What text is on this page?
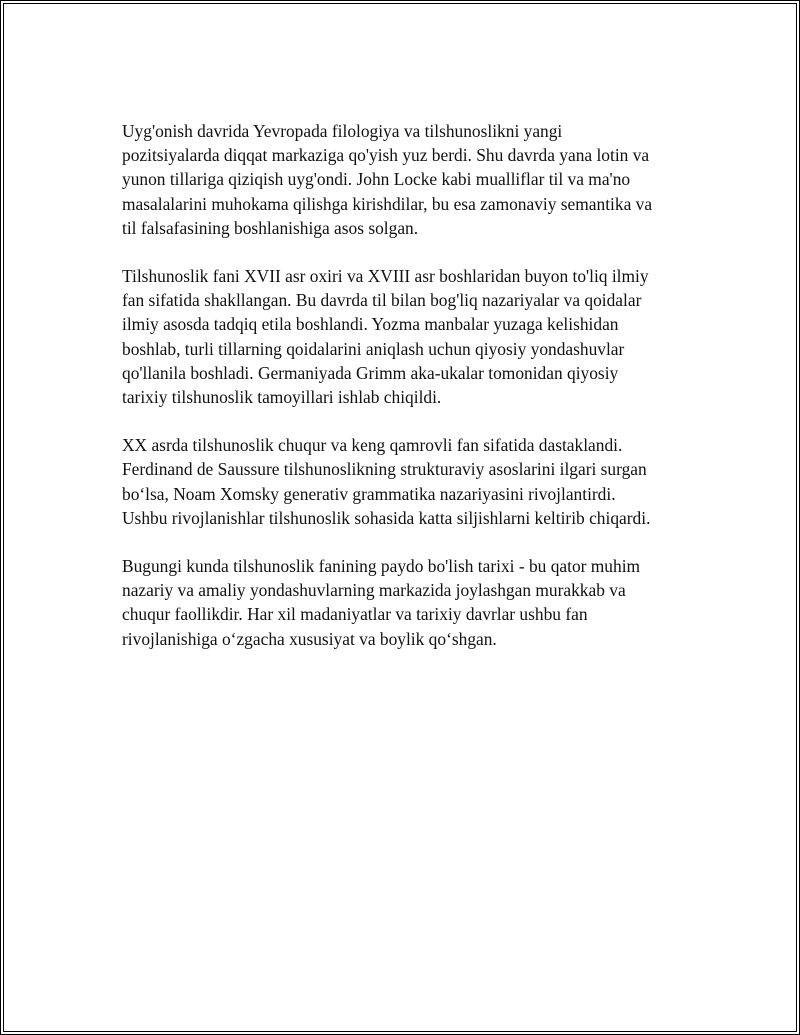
Uyg'onish davrida Yevropada filologiya va tilshunoslikni yangi
pozitsiyalarda diqqat markaziga qo'yish yuz berdi. Shu davrda yana lotin va
yunon tillariga qiziqish uyg'ondi. John Locke kabi mualliflar til va ma'no
masalalarini muhokama qilishga kirishdilar, bu esa zamonaviy semantika va
til falsafasining boshlanishiga asos solgan.

Tilshunoslik fani XVII asr oxiri va XVIII asr boshlaridan buyon to'liq ilmiy
fan sifatida shakllangan. Bu davrda til bilan bog'liq nazariyalar va qoidalar
ilmiy asosda tadqiq etila boshlandi. Yozma manbalar yuzaga kelishidan
boshlab, turli tillarning qoidalarini aniqlash uchun qiyosiy yondashuvlar
qo'llanila boshladi. Germaniyada Grimm aka-ukalar tomonidan qiyosiy
tarixiy tilshunoslik tamoyillari ishlab chiqildi.

XX asrda tilshunoslik chuqur va keng qamrovli fan sifatida dastaklandi.
Ferdinand de Saussure tilshunoslikning strukturaviy asoslarini ilgari surgan
bo‘lsa, Noam Xomsky generativ grammatika nazariyasini rivojlantirdi.
Ushbu rivojlanishlar tilshunoslik sohasida katta siljishlarni keltirib chiqardi.

Bugungi kunda tilshunoslik fanining paydo bo'lish tarixi - bu qator muhim
nazariy va amaliy yondashuvlarning markazida joylashgan murakkab va
chuqur faollikdir. Har xil madaniyatlar va tarixiy davrlar ushbu fan
rivojlanishiga o‘zgacha xususiyat va boylik qo‘shgan.
